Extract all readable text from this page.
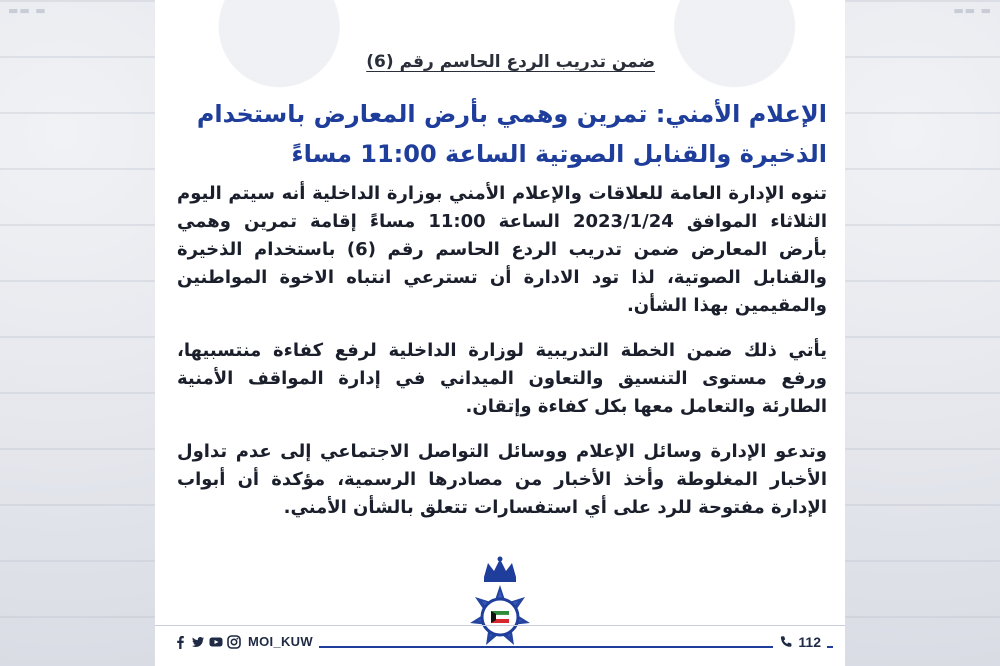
▬ ▬▬	▬ ▬▬
ضمن تدريب الردع الحاسم رقم (6)
الإعلام الأمني: تمرين وهمي بأرض المعارض باستخدام
الذخيرة والقنابل الصوتية الساعة 11:00 مساءً

تنوه الإدارة العامة للعلاقات والإعلام الأمني بوزارة الداخلية أنه سيتم اليوم الثلاثاء الموافق 2023/1/24 الساعة 11:00 مساءً إقامة تمرين وهمي بأرض المعارض ضمن تدريب الردع الحاسم رقم (6) باستخدام الذخيرة والقنابل الصوتية، لذا تود الادارة أن تسترعي انتباه الاخوة المواطنين والمقيمين بهذا الشأن.

يأتي ذلك ضمن الخطة التدريبية لوزارة الداخلية لرفع كفاءة منتسبيها، ورفع مستوى التنسيق والتعاون الميداني في إدارة المواقف الأمنية الطارئة والتعامل معها بكل كفاءة وإتقان.

وتدعو الإدارة وسائل الإعلام ووسائل التواصل الاجتماعي إلى عدم تداول الأخبار المغلوطة وأخذ الأخبار من مصادرها الرسمية، مؤكدة أن أبواب الإدارة مفتوحة للرد على أي استفسارات تتعلق بالشأن الأمني.

MOI_KUW	112
